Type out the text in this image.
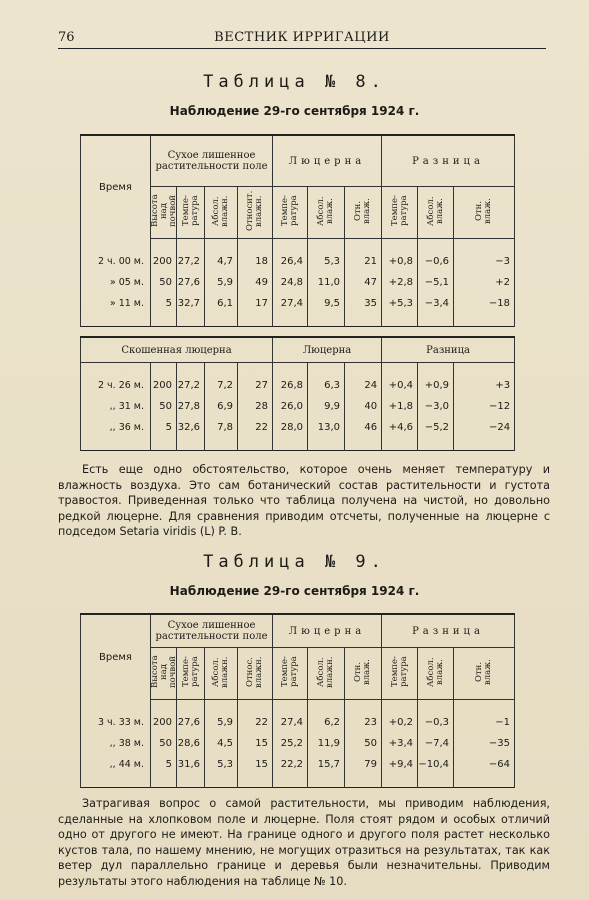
76	ВЕСТНИК ИРРИГАЦИИ
Таблица № 8.
Наблюдение 29-го сентября 1924 г.
Время	Сухое лишенное растительности поле				Люцерна			Разница		
	Высота над почвой	Темпе-ратура	Абсол. влажн.	Относит. влажн.	Темпе-ратура	Абсол. влаж.	Отн. влаж.	Темпе-ратура	Абсол. влаж.	Отн. влаж.

2 ч. 00 м.	200	27,2	4,7	18	26,4	5,3	21	+0,8	−0,6	−3
» 05 м.	50	27,6	5,9	49	24,8	11,0	47	+2,8	−5,1	+2
» 11 м.	5	32,7	6,1	17	27,4	9,5	35	+5,3	−3,4	−18

Скошенная люцерна					Люцерна			Разница		

2 ч. 26 м.	200	27,2	7,2	27	26,8	6,3	24	+0,4	+0,9	+3
,, 31 м.	50	27,8	6,9	28	26,0	9,9	40	+1,8	−3,0	−12
,, 36 м.	5	32,6	7,8	22	28,0	13,0	46	+4,6	−5,2	−24

Есть еще одно обстоятельство, которое очень меняет температуру и влажность воздуха. Это сам ботанический состав растительности и густота травостоя. Приведенная только что таблица получена на чистой, но довольно редкой люцерне. Для сравнения приводим отсчеты, полученные на люцерне с подседом Setaria viridis (L) P. B.

Таблица № 9.
Наблюдение 29-го сентября 1924 г.
Время	Сухое лишенное растительности поле				Люцерна			Разница		
	Высота над почвой	Темпе-ратура	Абсол. влажн.	Относ. влажн.	Темпе-ратура	Абсол. влажн.	Отн. влаж.	Темпе-ратура	Абсол. влаж.	Отн. влаж.

3 ч. 33 м.	200	27,6	5,9	22	27,4	6,2	23	+0,2	−0,3	−1
,, 38 м.	50	28,6	4,5	15	25,2	11,9	50	+3,4	−7,4	−35
,, 44 м.	5	31,6	5,3	15	22,2	15,7	79	+9,4	−10,4	−64

Затрагивая вопрос о самой растительности, мы приводим наблюдения, сделанные на хлопковом поле и люцерне. Поля стоят рядом и особых отличий одно от другого не имеют. На границе одного и другого поля растет несколько кустов тала, по нашему мнению, не могущих отразиться на результатах, так как ветер дул параллельно границе и деревья были незначительны. Приводим результаты этого наблюдения на таблице № 10.
